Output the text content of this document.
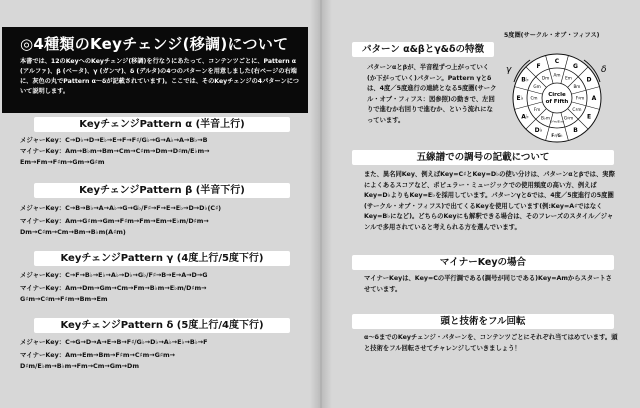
◎4種類のKeyチェンジ(移調)について
本書では、12のKeyへのKeyチェンジ(移調)を行なうにあたって、コンテンツごとに、Pattern α (アルファ)、β (ベータ)、γ (ガンマ)、δ (デルタ)の4つのパターンを用意しました(右ページの右端に、灰色の丸でPattern α～δが記載されています)。ここでは、そのKeyチェンジの4パターンについて説明します。
KeyチェンジPattern α (半音上行)
メジャーKey：C→D♭→D→E♭→E→F→F♯/G♭→G→A♭→A→B♭→B
マイナーKey：Am→B♭m→Bm→Cm→C♯m→Dm→D♯m/E♭m→
Em→Fm→F♯m→Gm→G♯m
KeyチェンジPattern β (半音下行)
メジャーKey：C→B→B♭→A→A♭→G→G♭/F♯→F→E→E♭→D→D♭(C♯)
マイナーKey：Am→G♯m→Gm→F♯m→Fm→Em→E♭m/D♯m→
Dm→C♯m→Cm→Bm→B♭m(A♯m)
KeyチェンジPattern γ (4度上行/5度下行)
メジャーKey：C→F→B♭→E♭→A♭→D♭→G♭/F♯→B→E→A→D→G
マイナーKey：Am→Dm→Gm→Cm→Fm→B♭m→E♭m/D♯m→
G♯m→C♯m→F♯m→Bm→Em
KeyチェンジPattern δ (5度上行/4度下行)
メジャーKey：C→G→D→A→E→B→F♯/G♭→D♭→A♭→E♭→B♭→F
マイナーKey：Am→Em→Bm→F♯m→C♯m→G♯m→
D♯m/E♭m→B♭m→Fm→Cm→Gm→Dm
パターン α&βとγ&δの特徴
パターンαとβが、半音程ずつ上がっていく(か下がっていく)パターン。Pattern γとδは、4度／5度進行の連続となる5度圏(サークル・オブ・フィフス：図参照)の動きで、左回りで進むか右回りで進むか、という流れになっています。
5度圏(サークル・オブ・フィフス)
C
G
D
A
E
B
F♯/G♭
D♭
A♭
E♭
B♭
F
Am
Em
Bm
F♯m
C♯m
G♯m
D♯m/E♭m
B♭m
Fm
Cm
Gm
Dm
Circle
of Fifth
γ	δ
五線譜での調号の記載について
また、異名同Key、例えばKey=C♯とKey=D♭の使い分けは、パターンαとβでは、実際によくあるスコアなど、ポピュラー・ミュージックでの使用頻度の高い方、例えばKey=D♭よりもKey=E♭を採用しています。パターンγとδでは、4度／5度進行の5度圏(サークル・オブ・フィフス)で出てくるKeyを使用しています(例:Key=A♯ではなくKey=B♭になど)。どちらのKeyにも解釈できる場合は、そのフレーズのスタイル／ジャンルで多用されていると考えられる方を選んでいます。
マイナーKeyの場合
マイナーKeyは、Key=Cの平行調である(調号が同じである)Key=Amからスタートさせています。
頭と技術をフル回転
α～δまでのKeyチェンジ・パターンを、コンテンツごとにそれぞれ当てはめています。頭と技術をフル回転させてチャレンジしていきましょう！
